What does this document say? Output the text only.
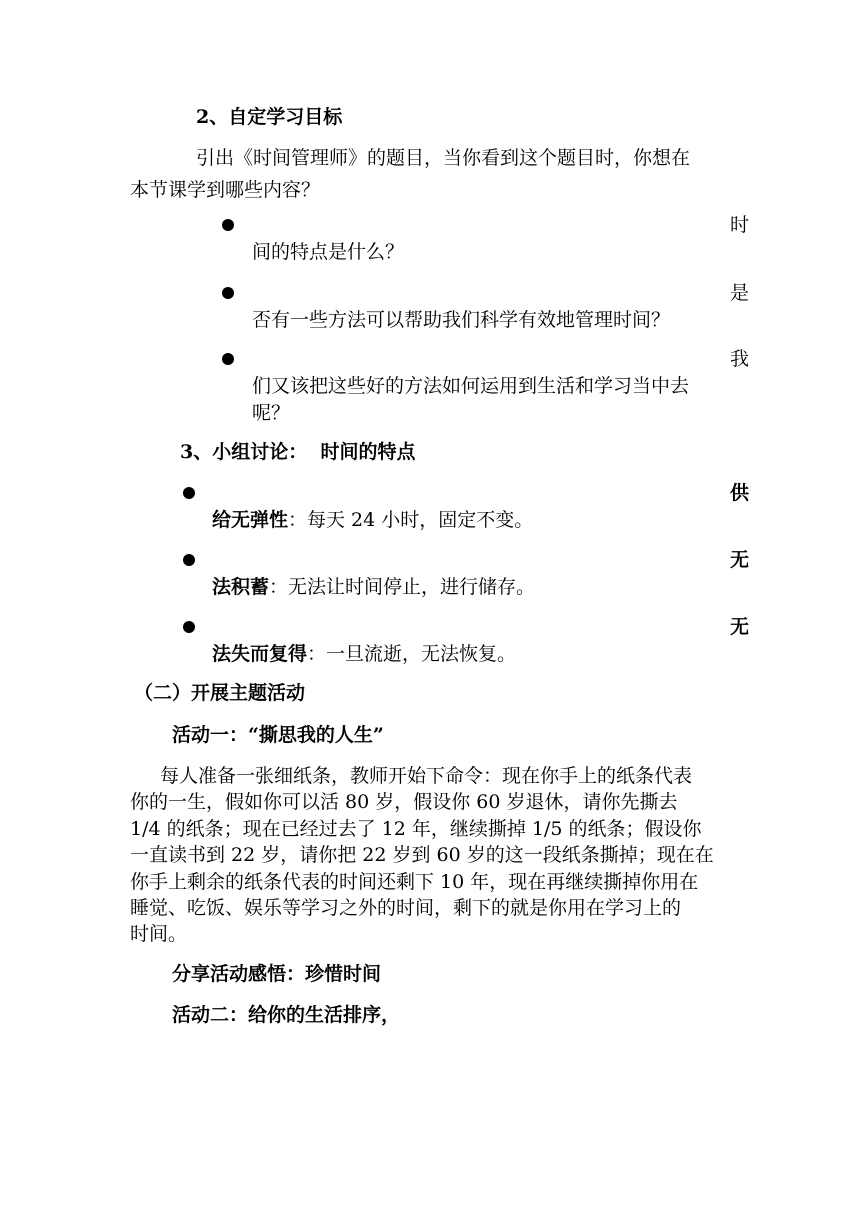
2、自定学习目标
引出《时间管理师》的题目，当你看到这个题目时，你想在
本节课学到哪些内容？
时
间的特点是什么？
是
否有一些方法可以帮助我们科学有效地管理时间？
我
们又该把这些好的方法如何运用到生活和学习当中去
呢？
3、小组讨论：  时间的特点
供
给无弹性：每天 24 小时，固定不变。
无
法积蓄：无法让时间停止，进行储存。
无
法失而复得：一旦流逝，无法恢复。
（二）开展主题活动
活动一：“撕思我的人生”
每人准备一张细纸条，教师开始下命令：现在你手上的纸条代表
你的一生，假如你可以活 80 岁，假设你 60 岁退休，请你先撕去
1/4 的纸条；现在已经过去了 12 年，继续撕掉 1/5 的纸条；假设你
一直读书到 22 岁，请你把 22 岁到 60 岁的这一段纸条撕掉；现在在
你手上剩余的纸条代表的时间还剩下 10 年，现在再继续撕掉你用在
睡觉、吃饭、娱乐等学习之外的时间，剩下的就是你用在学习上的
时间。
分享活动感悟：珍惜时间
活动二：给你的生活排序，
